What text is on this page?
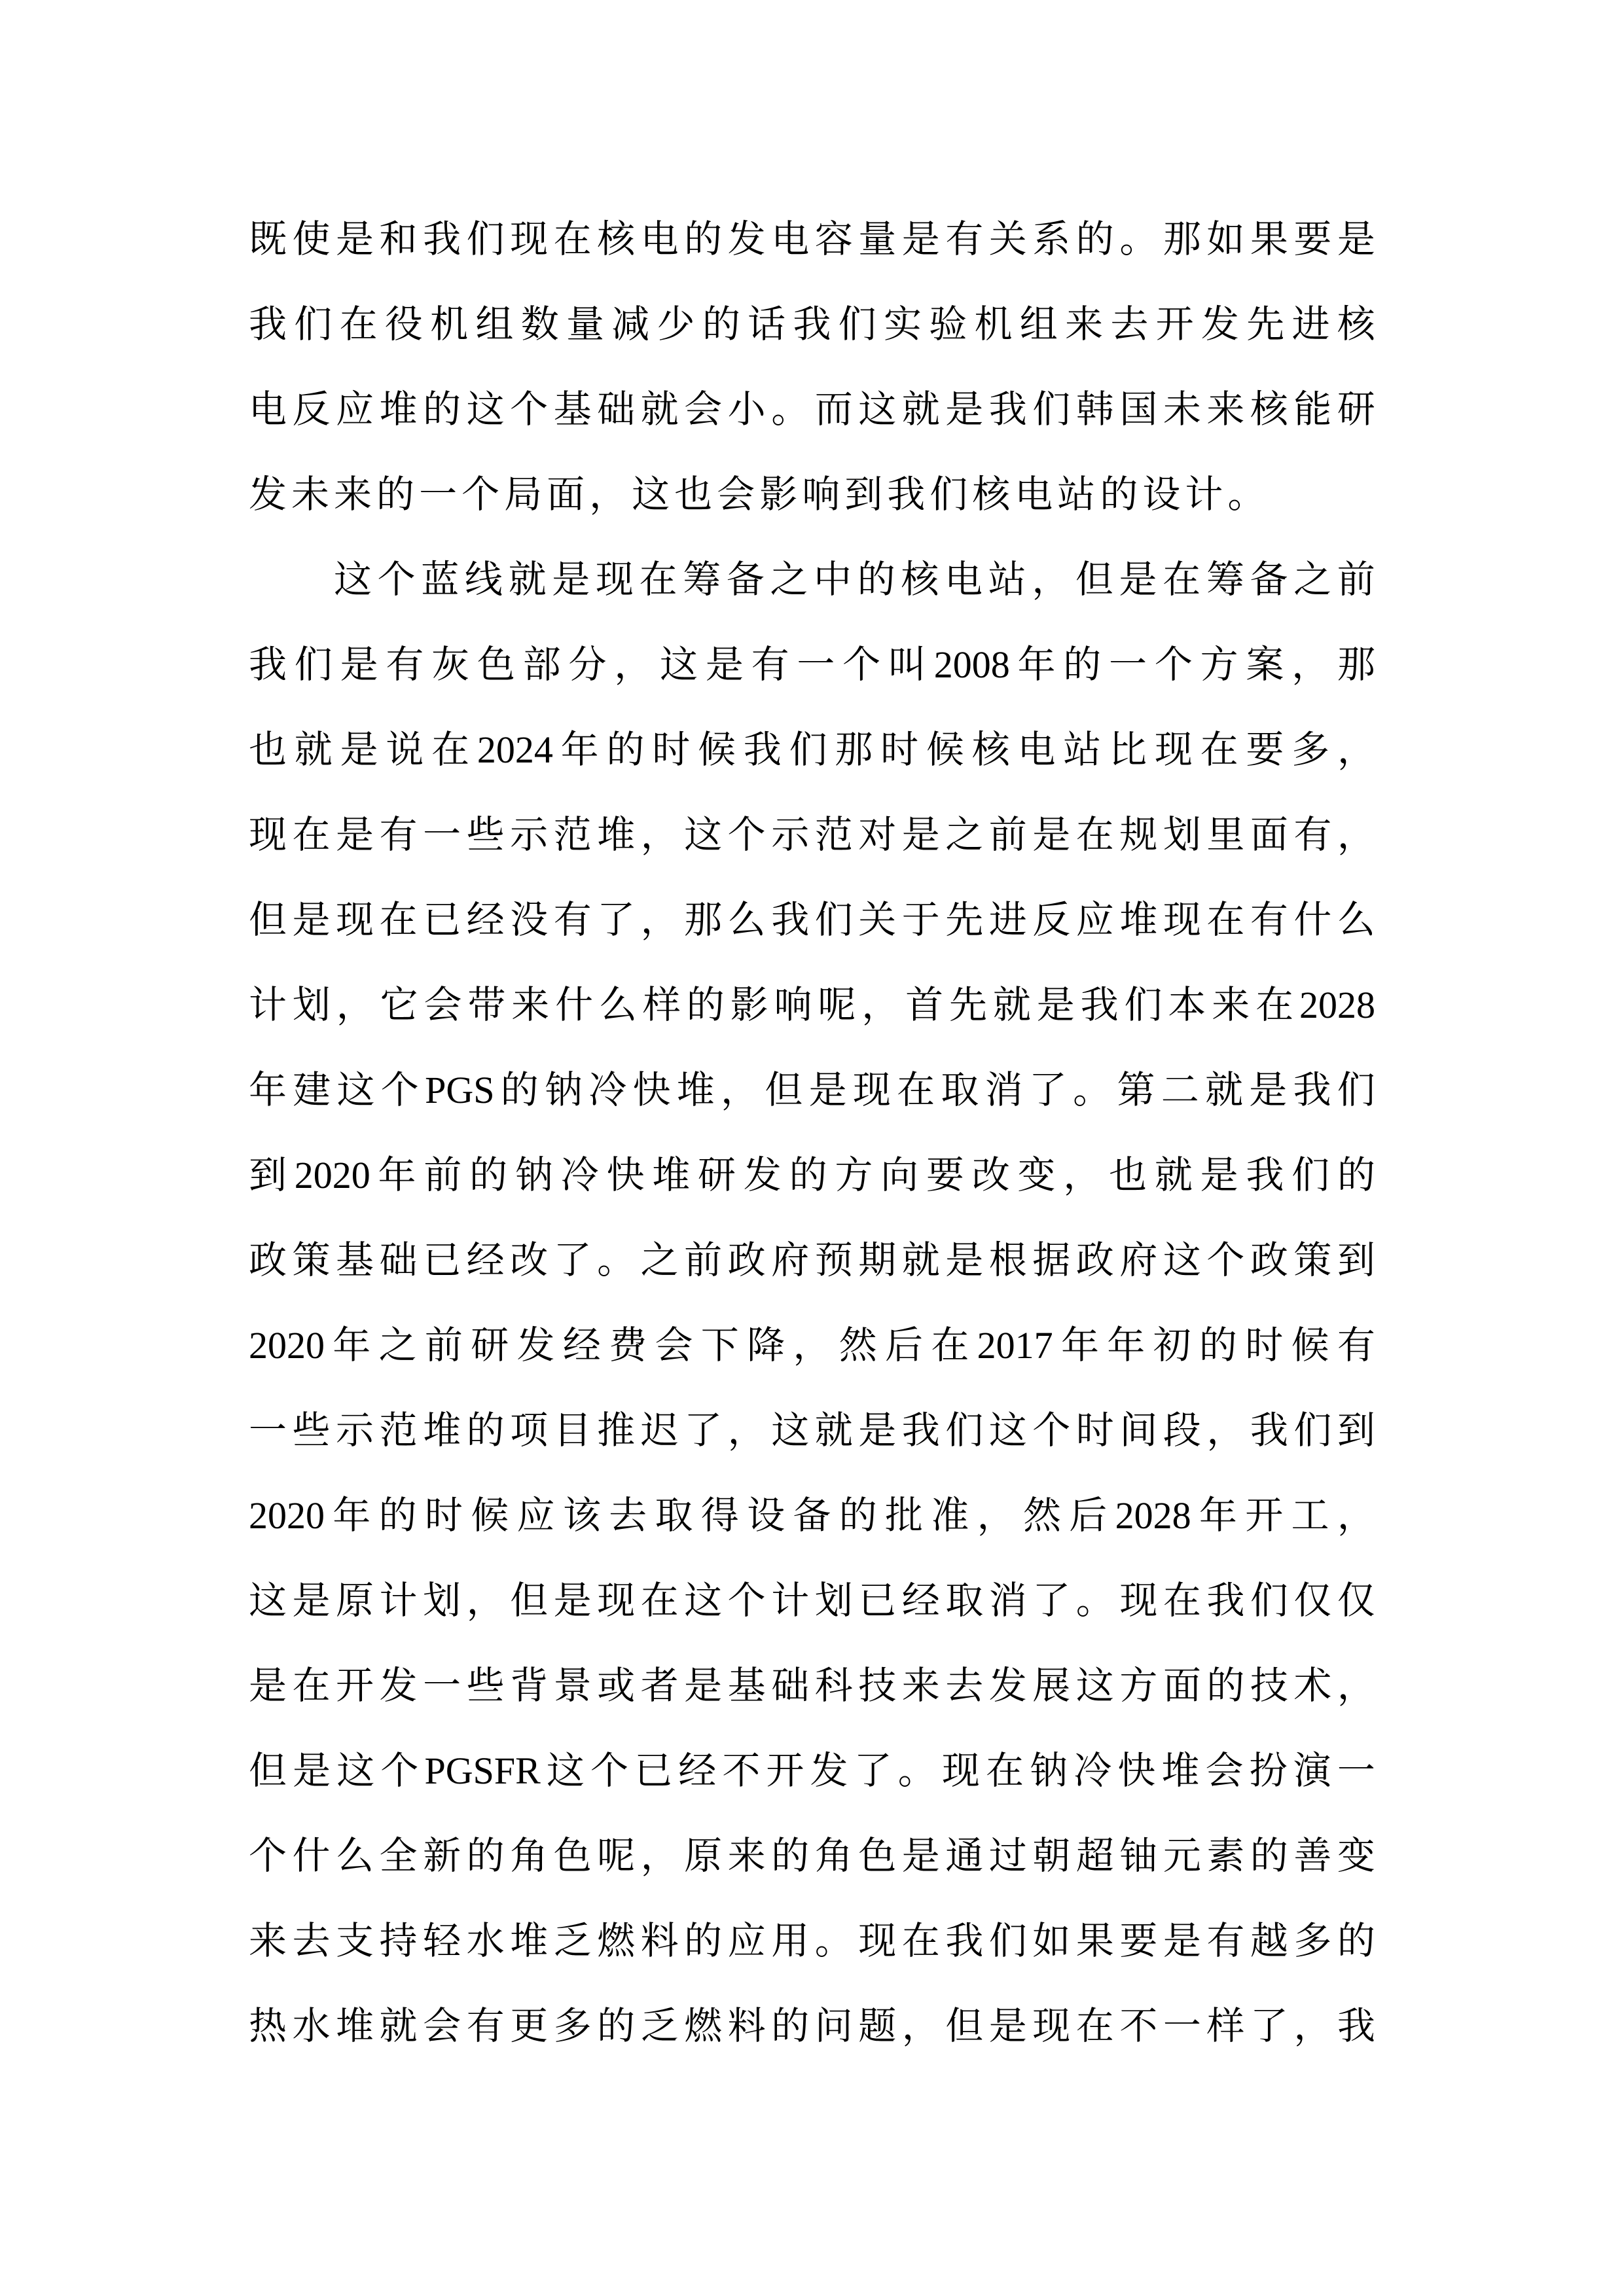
既 使 是 和 我 们 现 在 核 电 的 发 电 容 量 是 有 关 系 的 。 那 如 果 要 是
我 们 在 役 机 组 数 量 减 少 的 话 我 们 实 验 机 组 来 去 开 发 先 进 核
电 反 应 堆 的 这 个 基 础 就 会 小 。 而 这 就 是 我 们 韩 国 未 来 核 能 研
发 未 来 的 一 个 局 面 ， 这 也 会 影 响 到 我 们 核 电 站 的 设 计 。
这 个 蓝 线 就 是 现 在 筹 备 之 中 的 核 电 站 ， 但 是 在 筹 备 之 前
我 们 是 有 灰 色 部 分 ， 这 是 有 一 个 叫 2008 年 的 一 个 方 案 ， 那
也 就 是 说 在 2024 年 的 时 候 我 们 那 时 候 核 电 站 比 现 在 要 多 ，
现 在 是 有 一 些 示 范 堆 ， 这 个 示 范 对 是 之 前 是 在 规 划 里 面 有 ，
但 是 现 在 已 经 没 有 了 ， 那 么 我 们 关 于 先 进 反 应 堆 现 在 有 什 么
计 划 ， 它 会 带 来 什 么 样 的 影 响 呢 ， 首 先 就 是 我 们 本 来 在 2028
年 建 这 个 PGS 的 钠 冷 快 堆 ， 但 是 现 在 取 消 了 。 第 二 就 是 我 们
到 2020 年 前 的 钠 冷 快 堆 研 发 的 方 向 要 改 变 ， 也 就 是 我 们 的
政 策 基 础 已 经 改 了 。 之 前 政 府 预 期 就 是 根 据 政 府 这 个 政 策 到
2020 年 之 前 研 发 经 费 会 下 降 ， 然 后 在 2017 年 年 初 的 时 候 有
一 些 示 范 堆 的 项 目 推 迟 了 ， 这 就 是 我 们 这 个 时 间 段 ， 我 们 到
2020 年 的 时 候 应 该 去 取 得 设 备 的 批 准 ， 然 后 2028 年 开 工 ，
这 是 原 计 划 ， 但 是 现 在 这 个 计 划 已 经 取 消 了 。 现 在 我 们 仅 仅
是 在 开 发 一 些 背 景 或 者 是 基 础 科 技 来 去 发 展 这 方 面 的 技 术 ，
但 是 这 个 PGSFR 这 个 已 经 不 开 发 了 。 现 在 钠 冷 快 堆 会 扮 演 一
个 什 么 全 新 的 角 色 呢 ， 原 来 的 角 色 是 通 过 朝 超 铀 元 素 的 善 变
来 去 支 持 轻 水 堆 乏 燃 料 的 应 用 。 现 在 我 们 如 果 要 是 有 越 多 的
热 水 堆 就 会 有 更 多 的 乏 燃 料 的 问 题 ， 但 是 现 在 不 一 样 了 ， 我
